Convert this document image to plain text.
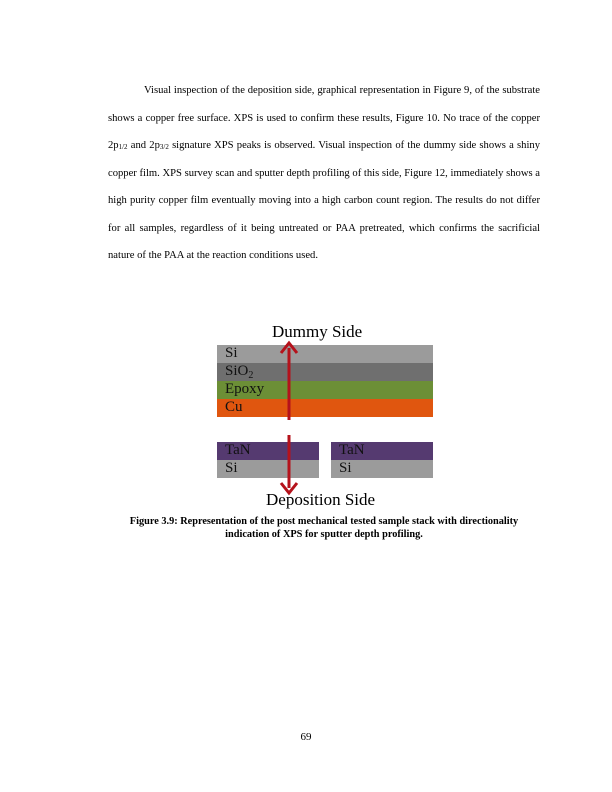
Visual inspection of the deposition side, graphical representation in Figure 9, of the substrate shows a copper free surface. XPS is used to confirm these results, Figure 10. No trace of the copper $2p_{1/2}$ and $2p_{3/2}$ signature XPS peaks is observed. Visual inspection of the dummy side shows a shiny copper film. XPS survey scan and sputter depth profiling of this side, Figure 12, immediately shows a high purity copper film eventually moving into a high carbon count region. The results do not differ for all samples, regardless of it being untreated or PAA pretreated, which confirms the sacrificial nature of the PAA at the reaction conditions used.

Dummy Side
Si
SiO$_2$
Epoxy
Cu
TaN
Si
TaN
Si
Deposition Side

Figure 3.9: Representation of the post mechanical tested sample stack with directionality indication of XPS for sputter depth profiling.

69
